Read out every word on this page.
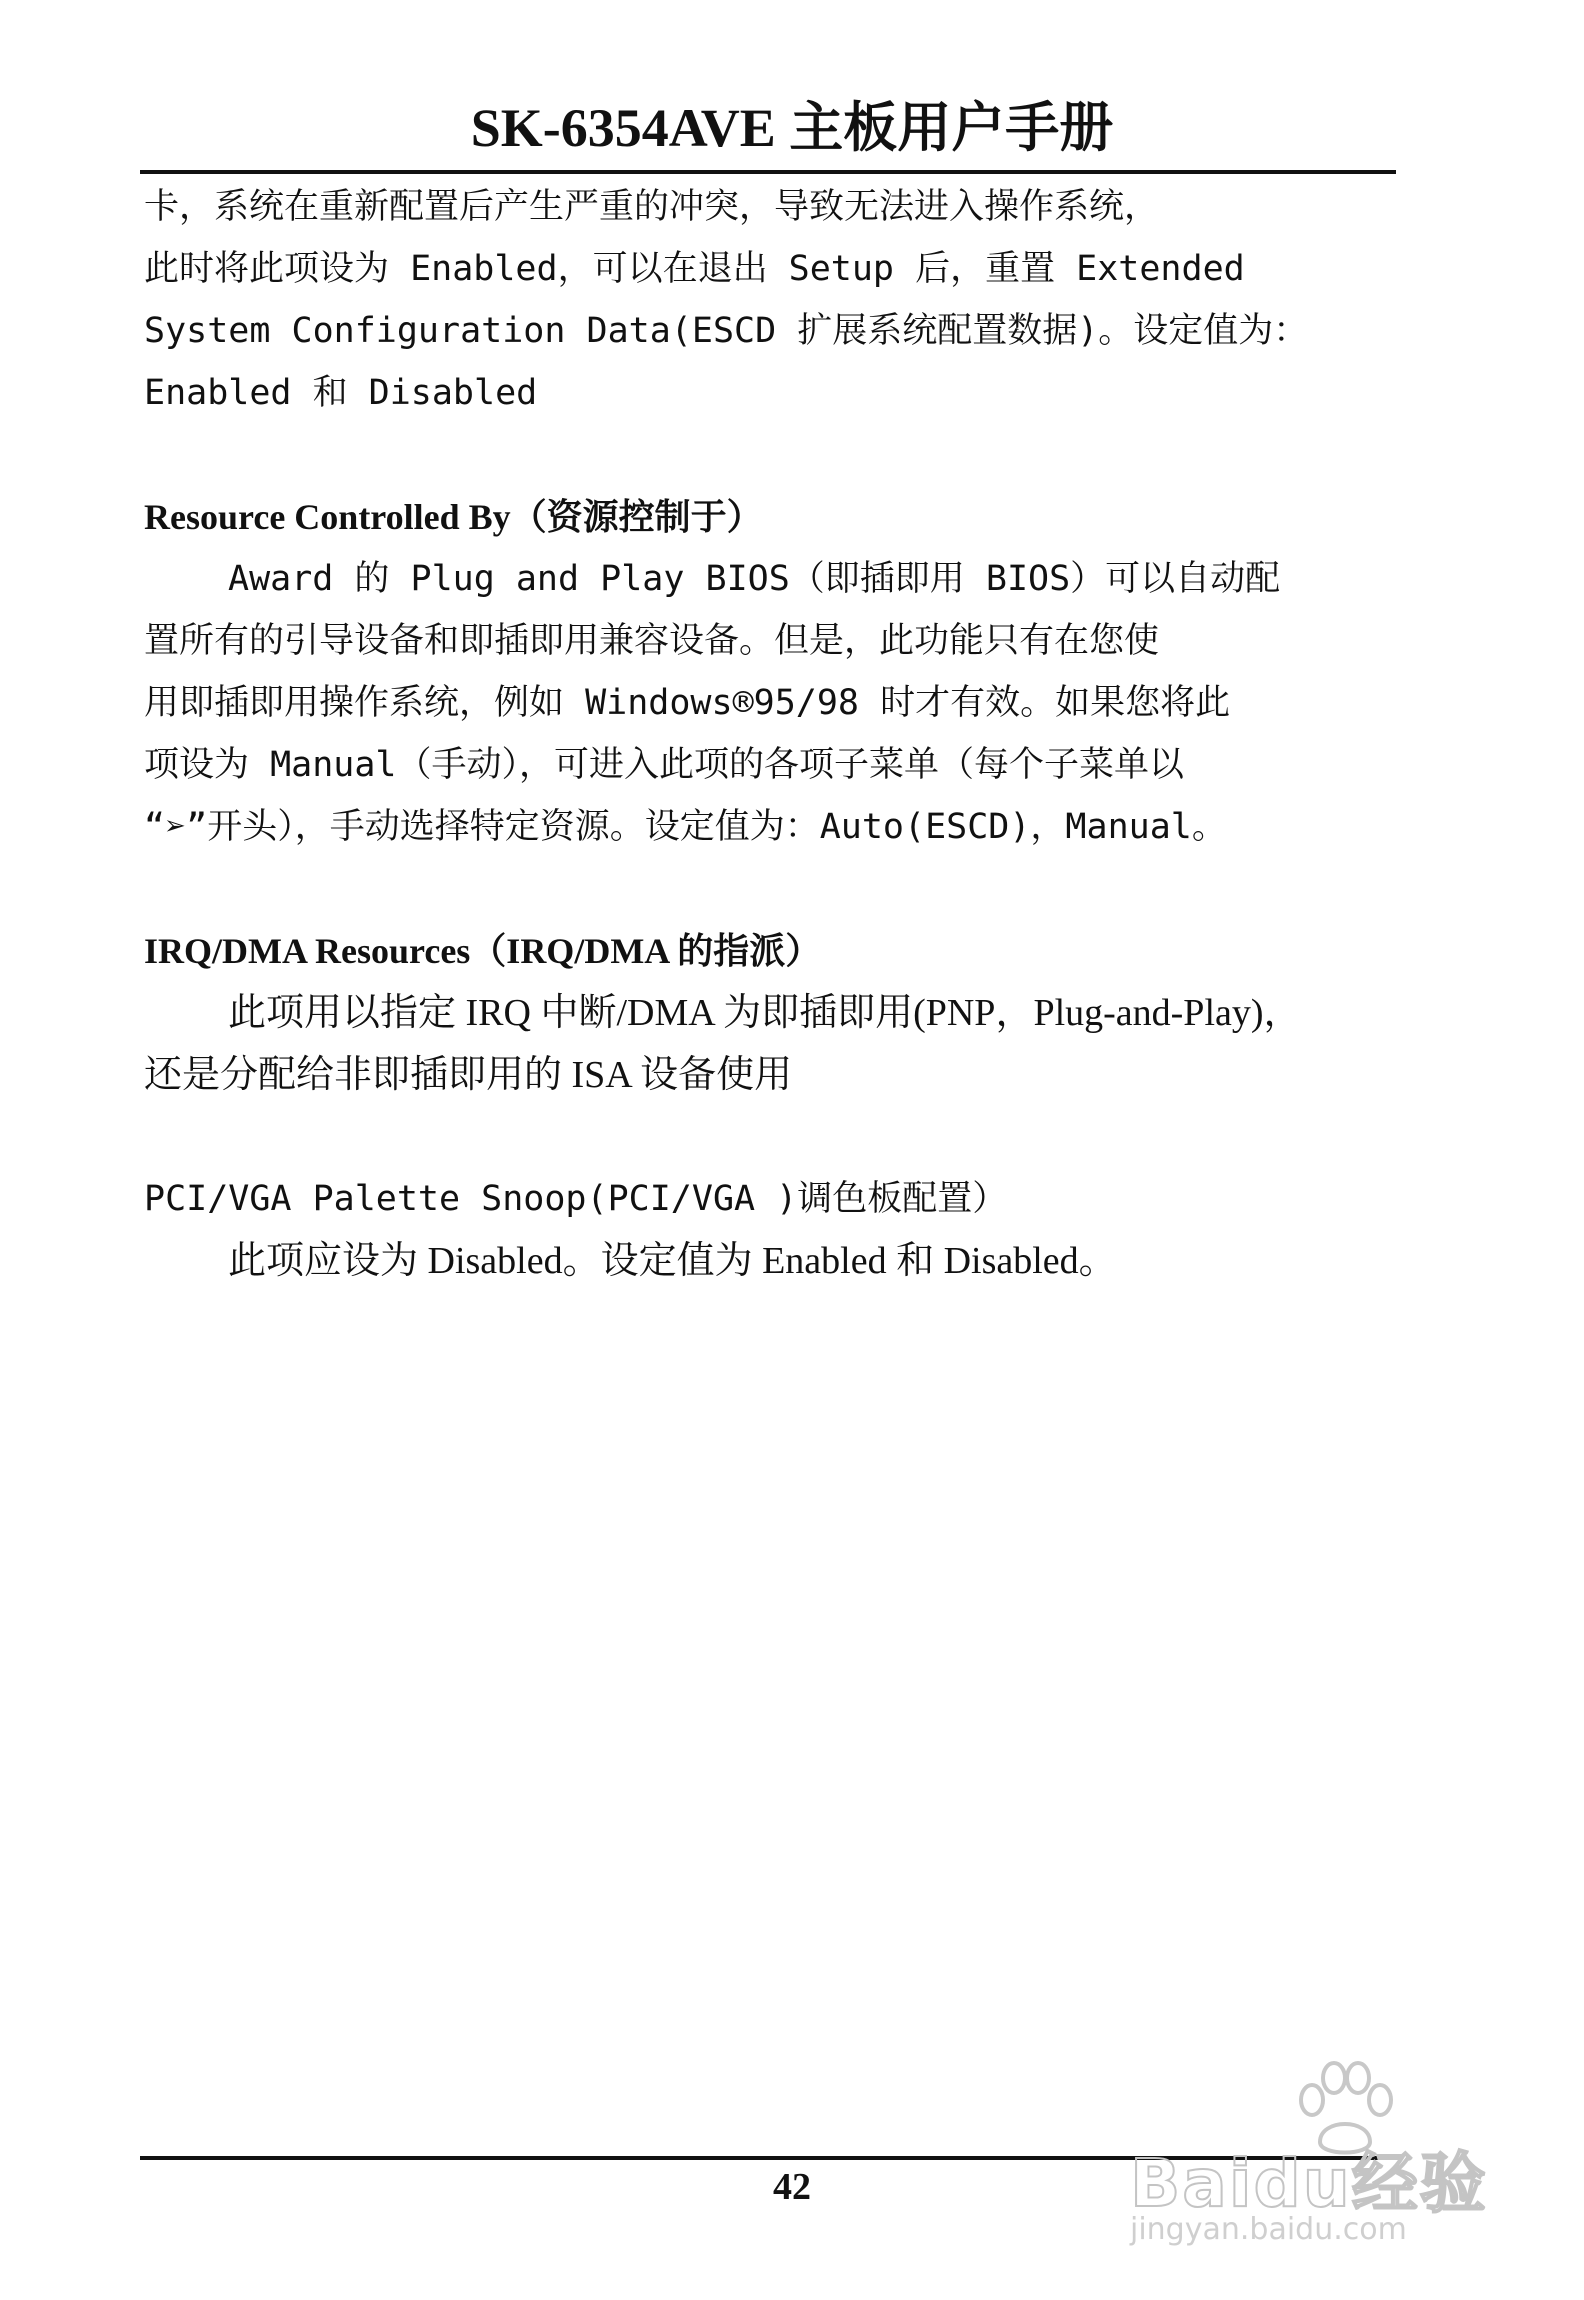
SK-6354AVE 主板用户手册

卡，系统在重新配置后产生严重的冲突，导致无法进入操作系统，

此时将此项设为 Enabled，可以在退出 Setup 后，重置 Extended

System Configuration Data(ESCD 扩展系统配置数据)。设定值为：

Enabled 和 Disabled

Resource Controlled By（资源控制于）

Award 的 Plug and Play BIOS（即插即用 BIOS）可以自动配

置所有的引导设备和即插即用兼容设备。但是，此功能只有在您使

用即插即用操作系统，例如 Windows®95/98 时才有效。如果您将此

项设为 Manual（手动），可进入此项的各项子菜单（每个子菜单以

“➢”开头），手动选择特定资源。设定值为：Auto(ESCD)，Manual。

IRQ/DMA Resources（IRQ/DMA 的指派）

此项用以指定 IRQ 中断/DMA 为即插即用(PNP，Plug-and-Play)，

还是分配给非即插即用的 ISA 设备使用

PCI/VGA Palette Snoop(PCI/VGA )调色板配置）

此项应设为 Disabled。设定值为 Enabled 和 Disabled。

42	Baidu经验
jingyan.baidu.com
